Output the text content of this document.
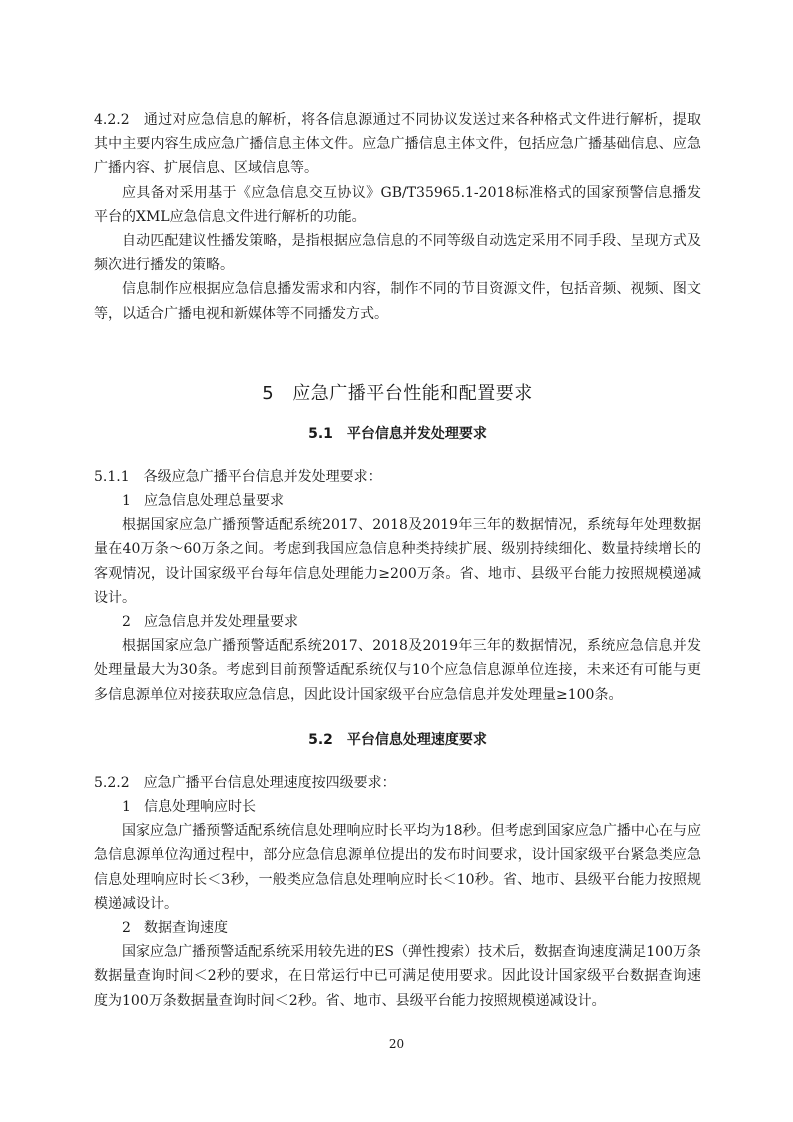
4.2.2 通过对应急信息的解析，将各信息源通过不同协议发送过来各种格式文件进行解析，提取其中主要内容生成应急广播信息主体文件。应急广播信息主体文件，包括应急广播基础信息、应急广播内容、扩展信息、区域信息等。

应具备对采用基于《应急信息交互协议》GB/T35965.1-2018标准格式的国家预警信息播发平台的XML应急信息文件进行解析的功能。

自动匹配建议性播发策略，是指根据应急信息的不同等级自动选定采用不同手段、呈现方式及频次进行播发的策略。

信息制作应根据应急信息播发需求和内容，制作不同的节目资源文件，包括音频、视频、图文等，以适合广播电视和新媒体等不同播发方式。

5 应急广播平台性能和配置要求
5.1 平台信息并发处理要求

5.1.1 各级应急广播平台信息并发处理要求：

1 应急信息处理总量要求

根据国家应急广播预警适配系统2017、2018及2019年三年的数据情况，系统每年处理数据量在40万条～60万条之间。考虑到我国应急信息种类持续扩展、级别持续细化、数量持续增长的客观情况，设计国家级平台每年信息处理能力≥200万条。省、地市、县级平台能力按照规模递减设计。

2 应急信息并发处理量要求

根据国家应急广播预警适配系统2017、2018及2019年三年的数据情况，系统应急信息并发处理量最大为30条。考虑到目前预警适配系统仅与10个应急信息源单位连接，未来还有可能与更多信息源单位对接获取应急信息，因此设计国家级平台应急信息并发处理量≥100条。

5.2 平台信息处理速度要求

5.2.2 应急广播平台信息处理速度按四级要求：

1 信息处理响应时长

国家应急广播预警适配系统信息处理响应时长平均为18秒。但考虑到国家应急广播中心在与应急信息源单位沟通过程中，部分应急信息源单位提出的发布时间要求，设计国家级平台紧急类应急信息处理响应时长＜3秒，一般类应急信息处理响应时长＜10秒。省、地市、县级平台能力按照规模递减设计。

2 数据查询速度

国家应急广播预警适配系统采用较先进的ES（弹性搜索）技术后，数据查询速度满足100万条数据量查询时间＜2秒的要求，在日常运行中已可满足使用要求。因此设计国家级平台数据查询速度为100万条数据量查询时间＜2秒。省、地市、县级平台能力按照规模递减设计。

20
